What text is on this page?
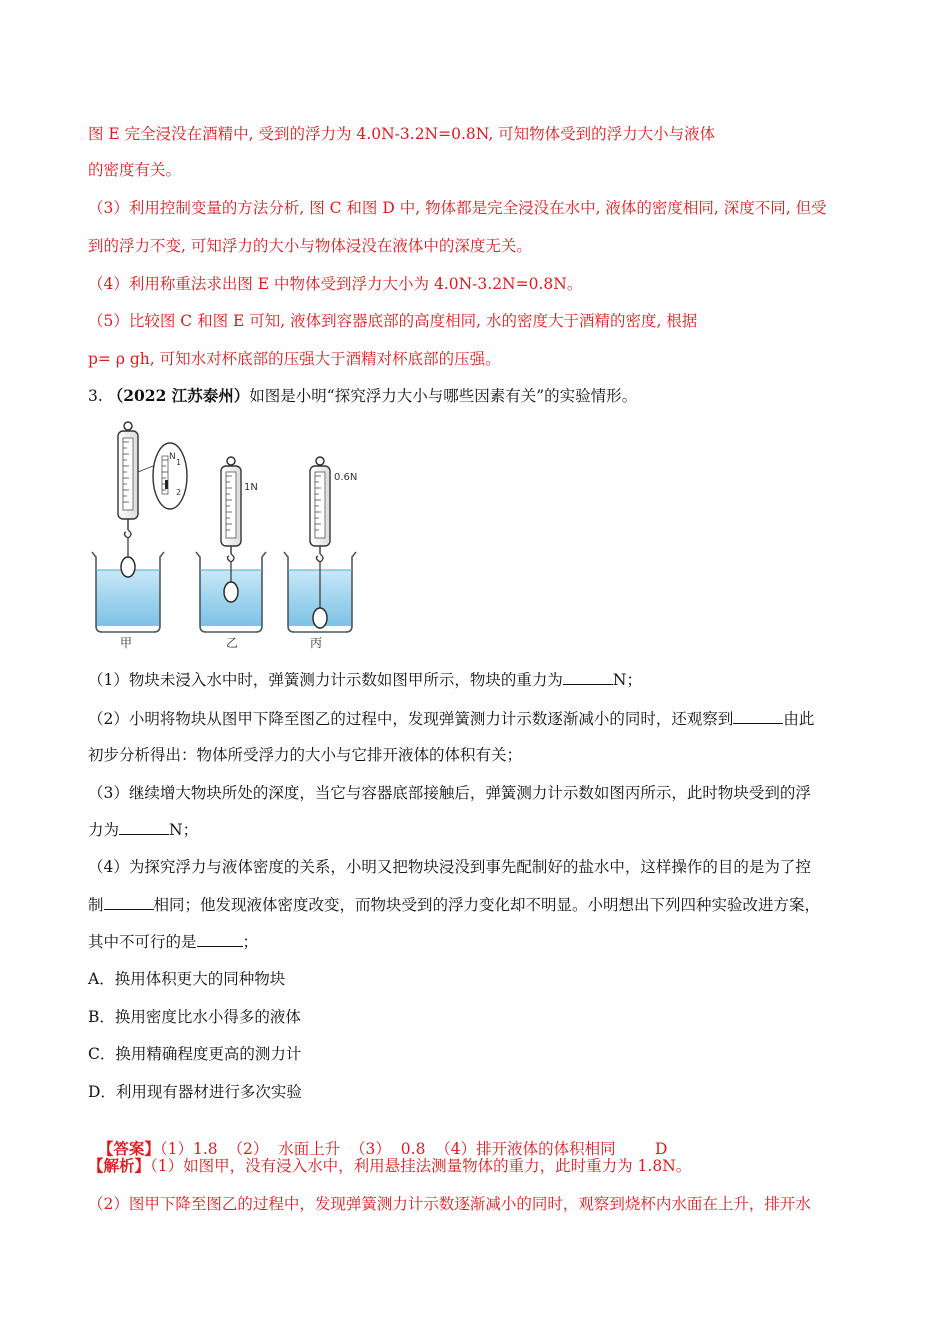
图 E 完全浸没在酒精中, 受到的浮力为 4.0N-3.2N=0.8N, 可知物体受到的浮力大小与液体
的密度有关。
（3）利用控制变量的方法分析, 图 C 和图 D 中, 物体都是完全浸没在水中, 液体的密度相同, 深度不同, 但受
到的浮力不变, 可知浮力的大小与物体浸没在液体中的深度无关。
（4）利用称重法求出图 E 中物体受到浮力大小为 4.0N-3.2N=0.8N。
（5）比较图 C 和图 E 可知, 液体到容器底部的高度相同, 水的密度大于酒精的密度, 根据
p= ρ gh, 可知水对杯底部的压强大于酒精对杯底部的压强。
3. （2022 江苏泰州）如图是小明“探究浮力大小与哪些因素有关”的实验情形。
N
1
2
甲
1N
乙
0.6N
丙
（1）物块未浸入水中时，弹簧测力计示数如图甲所示，物块的重力为	N；
（2）小明将物块从图甲下降至图乙的过程中，发现弹簧测力计示数逐渐减小的同时，还观察到	由此
初步分析得出：物体所受浮力的大小与它排开液体的体积有关；
（3）继续增大物块所处的深度，当它与容器底部接触后，弹簧测力计示数如图丙所示，此时物块受到的浮
力为	N；
（4）为探究浮力与液体密度的关系，小明又把物块浸没到事先配制好的盐水中，这样操作的目的是为了控
制	相同；他发现液体密度改变，而物块受到的浮力变化却不明显。小明想出下列四种实验改进方案，
其中不可行的是	；
A．换用体积更大的同种物块
B．换用密度比水小得多的液体
C．换用精确程度更高的测力计
D．利用现有器材进行多次实验

【答案】（1）1.8  （2）  水面上升  （3）  0.8  （4）排开液体的体积相同        D

【解析】（1）如图甲，没有浸入水中，利用悬挂法测量物体的重力，此时重力为 1.8N。
（2）图甲下降至图乙的过程中，发现弹簧测力计示数逐渐减小的同时，观察到烧杯内水面在上升，排开水
